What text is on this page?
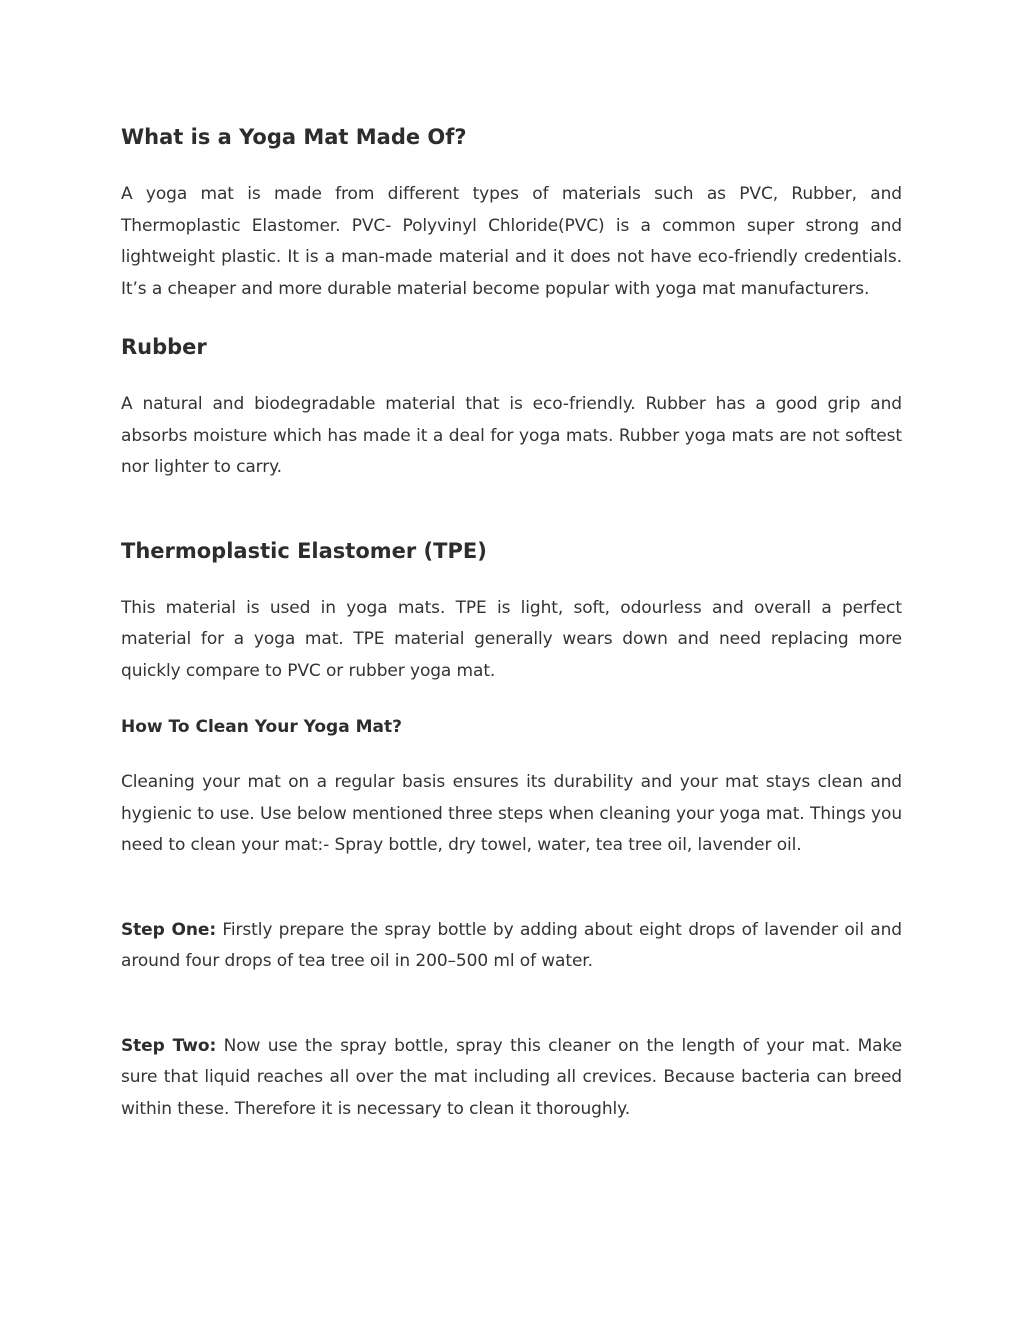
What is a Yoga Mat Made Of?

A yoga mat is made from different types of materials such as PVC, Rubber, and Thermoplastic Elastomer. PVC- Polyvinyl Chloride(PVC) is a common super strong and lightweight plastic. It is a man-made material and it does not have eco-friendly credentials. It’s a cheaper and more durable material become popular with yoga mat manufacturers.

Rubber

A natural and biodegradable material that is eco-friendly. Rubber has a good grip and absorbs moisture which has made it a deal for yoga mats. Rubber yoga mats are not softest nor lighter to carry.

Thermoplastic Elastomer (TPE)

This material is used in yoga mats. TPE is light, soft, odourless and overall a perfect material for a yoga mat. TPE material generally wears down and need replacing more quickly compare to PVC or rubber yoga mat.

How To Clean Your Yoga Mat?

Cleaning your mat on a regular basis ensures its durability and your mat stays clean and hygienic to use. Use below mentioned three steps when cleaning your yoga mat. Things you need to clean your mat:- Spray bottle, dry towel, water, tea tree oil, lavender oil.

Step One: Firstly prepare the spray bottle by adding about eight drops of lavender oil and around four drops of tea tree oil in 200–500 ml of water.

Step Two: Now use the spray bottle, spray this cleaner on the length of your mat. Make sure that liquid reaches all over the mat including all crevices. Because bacteria can breed within these. Therefore it is necessary to clean it thoroughly.
